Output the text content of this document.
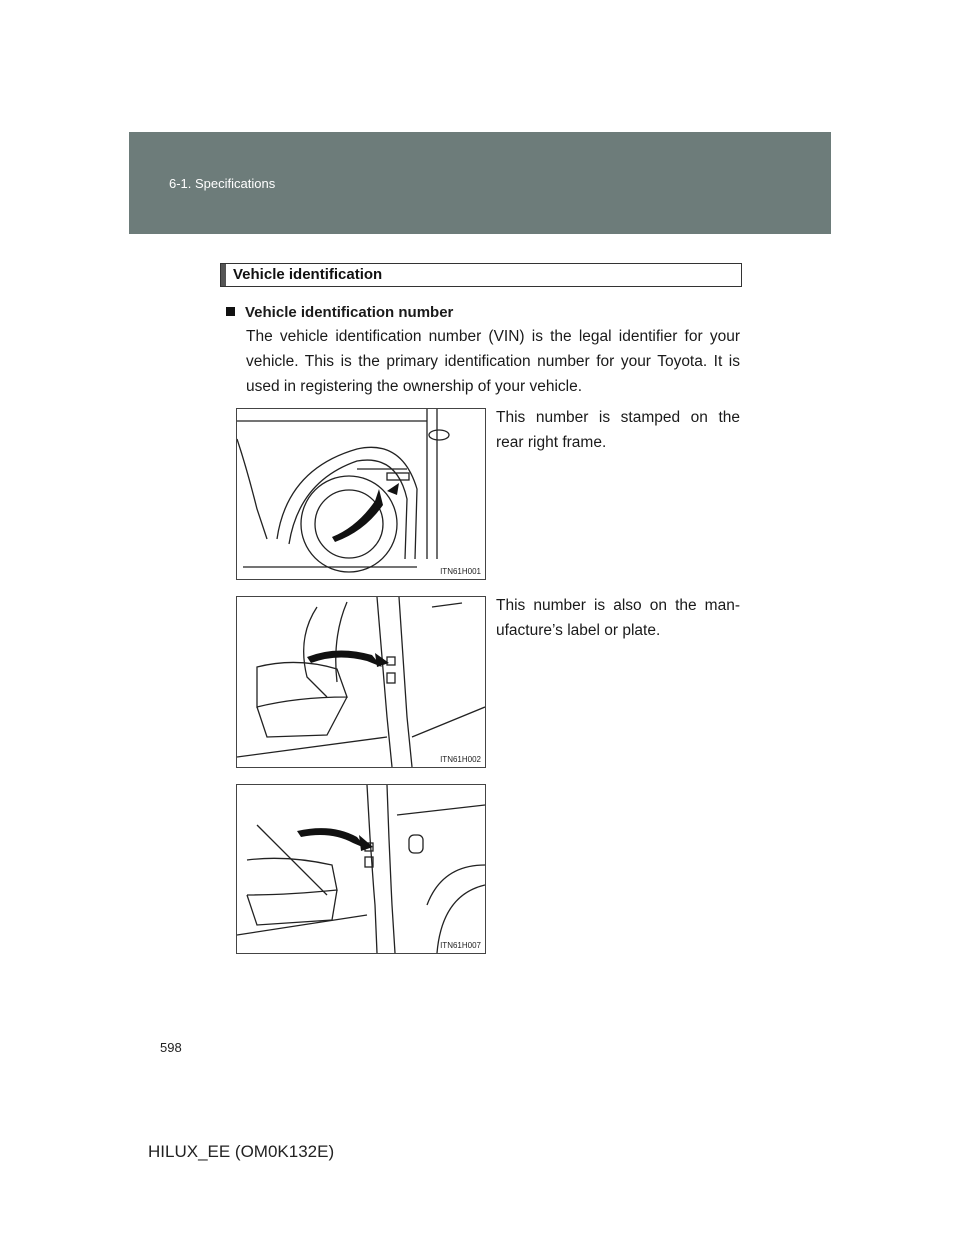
6-1. Specifications
Vehicle identification
Vehicle identification number
The vehicle identification number (VIN) is the legal identifier for your vehicle. This is the primary identification number for your Toyota. It is used in registering the ownership of your vehicle.
This number is stamped on the rear right frame.
This number is also on the man-ufacture’s label or plate.
ITN61H001
ITN61H002
ITN61H007
598
HILUX_EE (OM0K132E)
